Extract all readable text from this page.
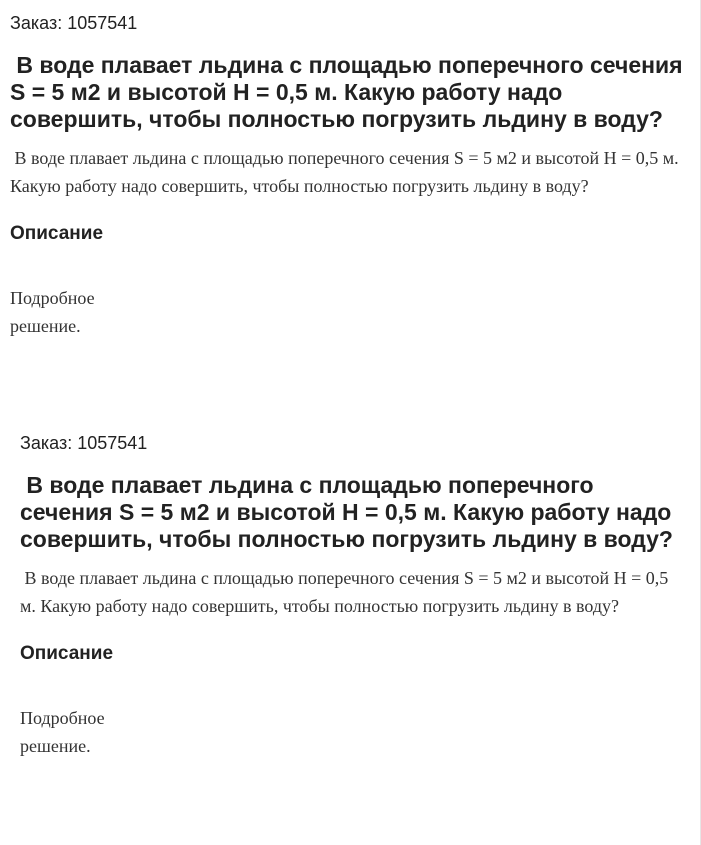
Заказ: 1057541
В воде плавает льдина с площадью поперечного сечения S = 5 м2 и высотой H = 0,5 м. Какую работу надо совершить, чтобы полностью погрузить льдину в воду?
В воде плавает льдина с площадью поперечного сечения S = 5 м2 и высотой H = 0,5 м. Какую работу надо совершить, чтобы полностью погрузить льдину в воду?
Описание
Подробное решение.
Заказ: 1057541
В воде плавает льдина с площадью поперечного сечения S = 5 м2 и высотой H = 0,5 м. Какую работу надо совершить, чтобы полностью погрузить льдину в воду?
В воде плавает льдина с площадью поперечного сечения S = 5 м2 и высотой H = 0,5 м. Какую работу надо совершить, чтобы полностью погрузить льдину в воду?
Описание
Подробное решение.
